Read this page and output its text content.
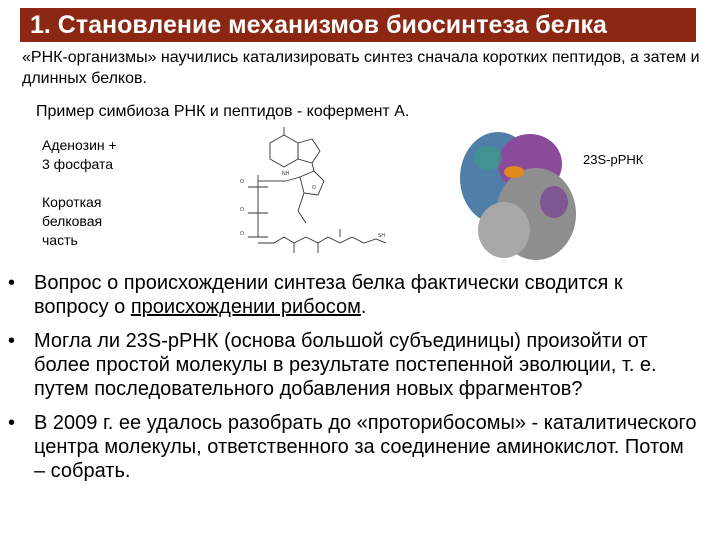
1. Становление механизмов биосинтеза белка
«РНК-организмы» научились катализировать синтез сначала коротких пептидов, а затем и длинных белков.
Пример симбиоза РНК и пептидов - кофермент А.
Аденозин +
3 фосфата
Короткая
белковая
часть
23S-рРНК
NH
O
O
O
O
SH
• Вопрос о происхождении синтеза белка фактически сводится к вопросу о происхождении рибосом.
• Могла ли 23S-рРНК (основа большой субъединицы) произойти от более простой молекулы в результате постепенной эволюции, т. е. путем последовательного добавления новых фрагментов?
• В 2009 г. ее удалось разобрать до «проторибосомы» - каталитического центра молекулы, ответственного за соединение аминокислот. Потом – собрать.
